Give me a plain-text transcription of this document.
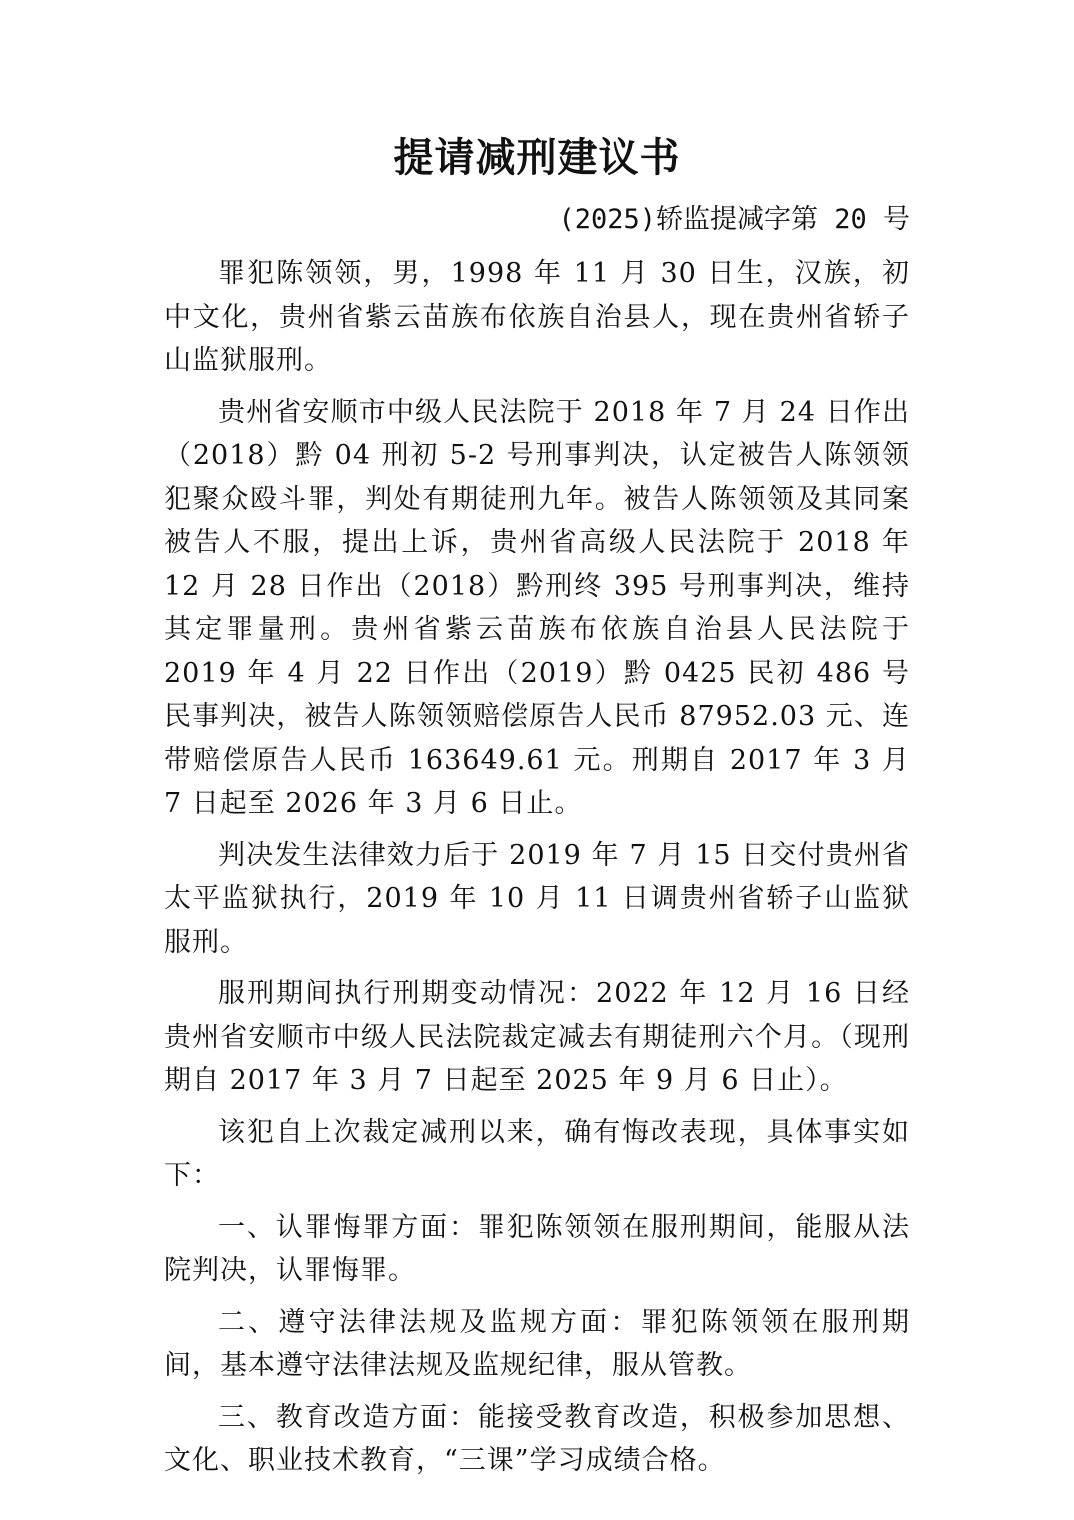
提请减刑建议书
(2025)轿监提减字第 20 号

罪犯陈领领，男，1998 年 11 月 30 日生，汉族，初中文化，贵州省紫云苗族布依族自治县人，现在贵州省轿子山监狱服刑。

贵州省安顺市中级人民法院于 2018 年 7 月 24 日作出（2018）黔 04 刑初 5-2 号刑事判决，认定被告人陈领领犯聚众殴斗罪，判处有期徒刑九年。被告人陈领领及其同案被告人不服，提出上诉，贵州省高级人民法院于 2018 年 12 月 28 日作出（2018）黔刑终 395 号刑事判决，维持其定罪量刑。贵州省紫云苗族布依族自治县人民法院于 2019 年 4 月 22 日作出（2019）黔 0425 民初 486 号民事判决，被告人陈领领赔偿原告人民币 87952.03 元、连带赔偿原告人民币 163649.61 元。刑期自 2017 年 3 月 7 日起至 2026 年 3 月 6 日止。

判决发生法律效力后于 2019 年 7 月 15 日交付贵州省太平监狱执行，2019 年 10 月 11 日调贵州省轿子山监狱服刑。

服刑期间执行刑期变动情况：2022 年 12 月 16 日经贵州省安顺市中级人民法院裁定减去有期徒刑六个月。（现刑期自 2017 年 3 月 7 日起至 2025 年 9 月 6 日止）。

该犯自上次裁定减刑以来，确有悔改表现，具体事实如下：

一、认罪悔罪方面：罪犯陈领领在服刑期间，能服从法院判决，认罪悔罪。

二、遵守法律法规及监规方面：罪犯陈领领在服刑期间，基本遵守法律法规及监规纪律，服从管教。

三、教育改造方面：能接受教育改造，积极参加思想、文化、职业技术教育，“三课”学习成绩合格。
